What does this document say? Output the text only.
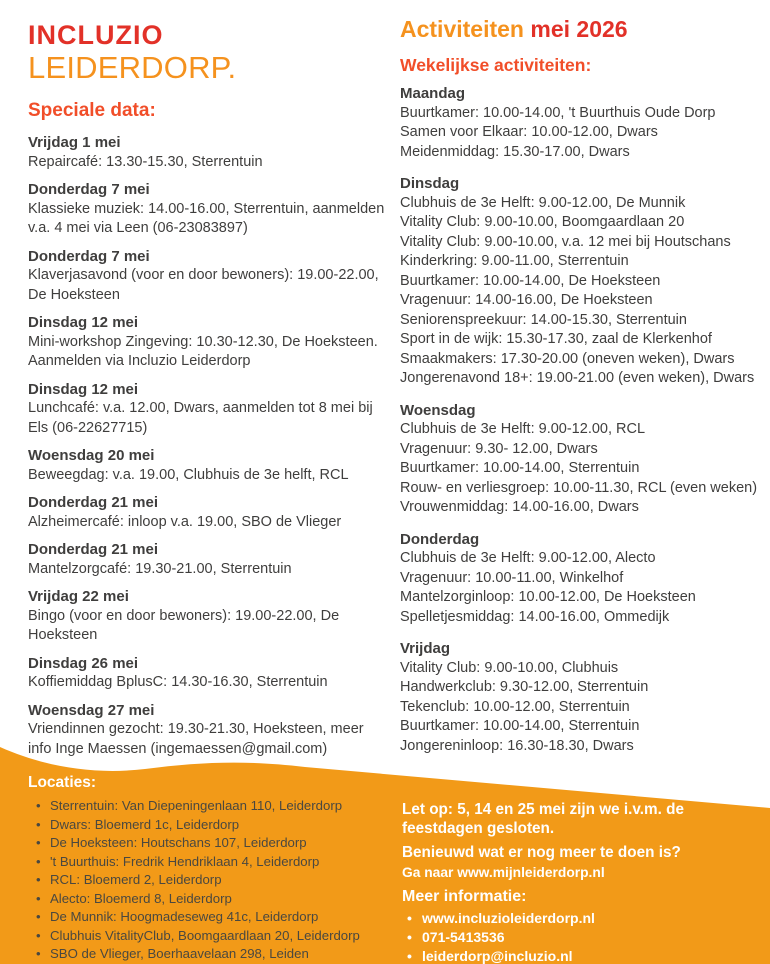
INCLUZIO
LEIDERDORP.
Speciale data:
Vrijdag 1 mei
Repaircafé: 13.30-15.30, Sterrentuin
Donderdag 7 mei
Klassieke muziek: 14.00-16.00, Sterrentuin, aanmelden v.a. 4 mei via Leen (06-23083897)
Donderdag 7 mei
Klaverjasavond (voor en door bewoners): 19.00-22.00, De Hoeksteen
Dinsdag 12 mei
Mini-workshop Zingeving: 10.30-12.30, De Hoeksteen. Aanmelden via Incluzio Leiderdorp
Dinsdag 12 mei
Lunchcafé: v.a. 12.00, Dwars, aanmelden tot 8 mei bij Els (06-22627715)
Woensdag 20 mei
Beweegdag: v.a. 19.00, Clubhuis de 3e helft, RCL
Donderdag 21 mei
Alzheimercafé: inloop v.a. 19.00, SBO de Vlieger
Donderdag 21 mei
Mantelzorgcafé: 19.30-21.00, Sterrentuin
Vrijdag 22 mei
Bingo (voor en door bewoners): 19.00-22.00, De Hoeksteen
Dinsdag 26 mei
Koffiemiddag BplusC: 14.30-16.30, Sterrentuin
Woensdag 27 mei
Vriendinnen gezocht: 19.30-21.30, Hoeksteen, meer info Inge Maessen (ingemaessen@gmail.com)
Activiteiten mei 2026
Wekelijkse activiteiten:
Maandag
Buurtkamer: 10.00-14.00, 't Buurthuis Oude Dorp
Samen voor Elkaar: 10.00-12.00, Dwars
Meidenmiddag: 15.30-17.00, Dwars
Dinsdag
Clubhuis de 3e Helft: 9.00-12.00, De Munnik
Vitality Club: 9.00-10.00, Boomgaardlaan 20
Vitality Club: 9.00-10.00, v.a. 12 mei bij Houtschans
Kinderkring: 9.00-11.00, Sterrentuin
Buurtkamer: 10.00-14.00, De Hoeksteen
Vragenuur: 14.00-16.00, De Hoeksteen
Seniorenspreekuur: 14.00-15.30, Sterrentuin
Sport in de wijk: 15.30-17.30, zaal de Klerkenhof
Smaakmakers: 17.30-20.00 (oneven weken), Dwars
Jongerenavond 18+: 19.00-21.00 (even weken), Dwars
Woensdag
Clubhuis de 3e Helft: 9.00-12.00, RCL
Vragenuur: 9.30- 12.00, Dwars
Buurtkamer: 10.00-14.00, Sterrentuin
Rouw- en verliesgroep: 10.00-11.30, RCL (even weken)
Vrouwenmiddag: 14.00-16.00, Dwars
Donderdag
Clubhuis de 3e Helft: 9.00-12.00, Alecto
Vragenuur: 10.00-11.00, Winkelhof
Mantelzorginloop: 10.00-12.00, De Hoeksteen
Spelletjesmiddag: 14.00-16.00, Ommedijk
Vrijdag
Vitality Club: 9.00-10.00, Clubhuis
Handwerkclub: 9.30-12.00, Sterrentuin
Tekenclub: 10.00-12.00, Sterrentuin
Buurtkamer: 10.00-14.00, Sterrentuin
Jongereninloop: 16.30-18.30, Dwars
Locaties:
• Sterrentuin: Van Diepeningenlaan 110, Leiderdorp
• Dwars: Bloemerd 1c, Leiderdorp
• De Hoeksteen: Houtschans 107, Leiderdorp
• 't Buurthuis: Fredrik Hendriklaan 4, Leiderdorp
• RCL: Bloemerd 2, Leiderdorp
• Alecto: Bloemerd 8, Leiderdorp
• De Munnik: Hoogmadeseweg 41c, Leiderdorp
• Clubhuis VitalityClub, Boomgaardlaan 20, Leiderdorp
• SBO de Vlieger, Boerhaavelaan 298, Leiden

Let op: 5, 14 en 25 mei zijn we i.v.m. de feestdagen gesloten.

Benieuwd wat er nog meer te doen is?

Ga naar www.mijnleiderdorp.nl

Meer informatie:

• www.incluzioleiderdorp.nl
• 071-5413536
• leiderdorp@incluzio.nl
